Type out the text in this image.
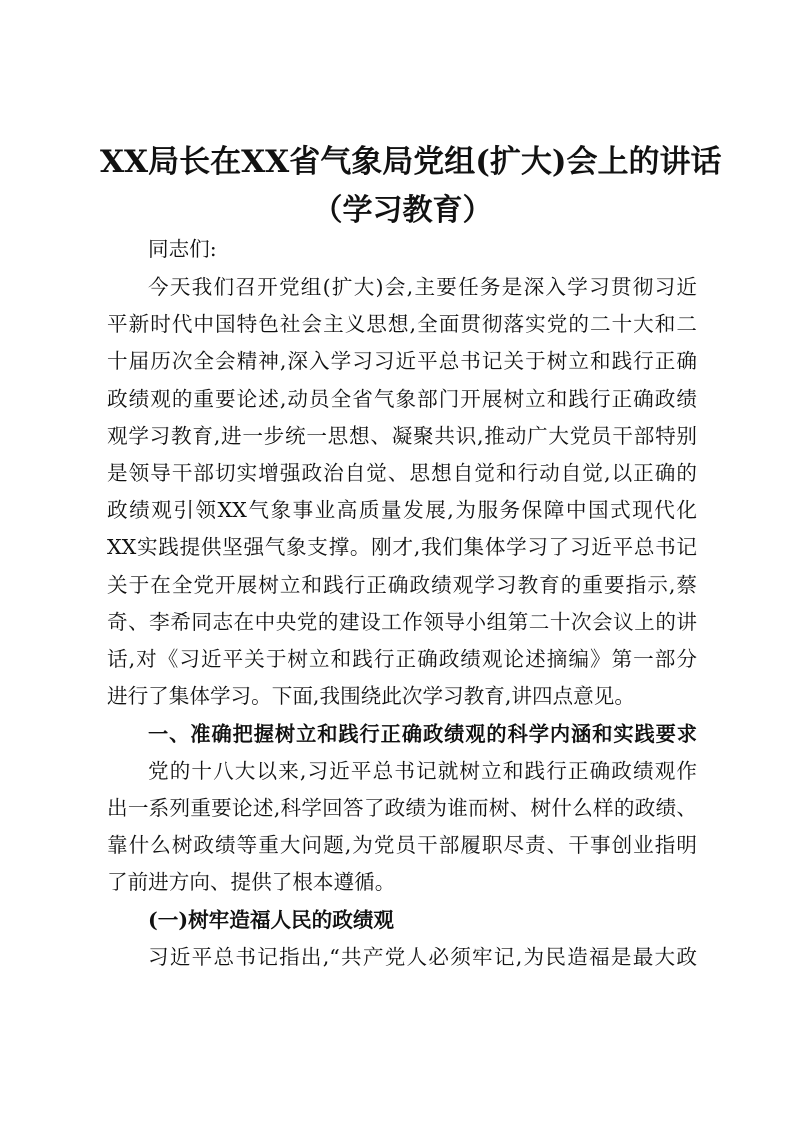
XX局长在XX省气象局党组(扩大)会上的讲话
（学习教育）
同志们:
今天我们召开党组(扩大)会,主要任务是深入学习贯彻习近
平新时代中国特色社会主义思想,全面贯彻落实党的二十大和二
十届历次全会精神,深入学习习近平总书记关于树立和践行正确
政绩观的重要论述,动员全省气象部门开展树立和践行正确政绩
观学习教育,进一步统一思想、凝聚共识,推动广大党员干部特别
是领导干部切实增强政治自觉、思想自觉和行动自觉,以正确的
政绩观引领XX气象事业高质量发展,为服务保障中国式现代化
XX实践提供坚强气象支撑。刚才,我们集体学习了习近平总书记
关于在全党开展树立和践行正确政绩观学习教育的重要指示,蔡
奇、李希同志在中央党的建设工作领导小组第二十次会议上的讲
话,对《习近平关于树立和践行正确政绩观论述摘编》第一部分
进行了集体学习。下面,我围绕此次学习教育,讲四点意见。
一、准确把握树立和践行正确政绩观的科学内涵和实践要求
党的十八大以来,习近平总书记就树立和践行正确政绩观作
出一系列重要论述,科学回答了政绩为谁而树、树什么样的政绩、
靠什么树政绩等重大问题,为党员干部履职尽责、干事创业指明
了前进方向、提供了根本遵循。
(一)树牢造福人民的政绩观
习近平总书记指出,“共产党人必须牢记,为民造福是最大政
